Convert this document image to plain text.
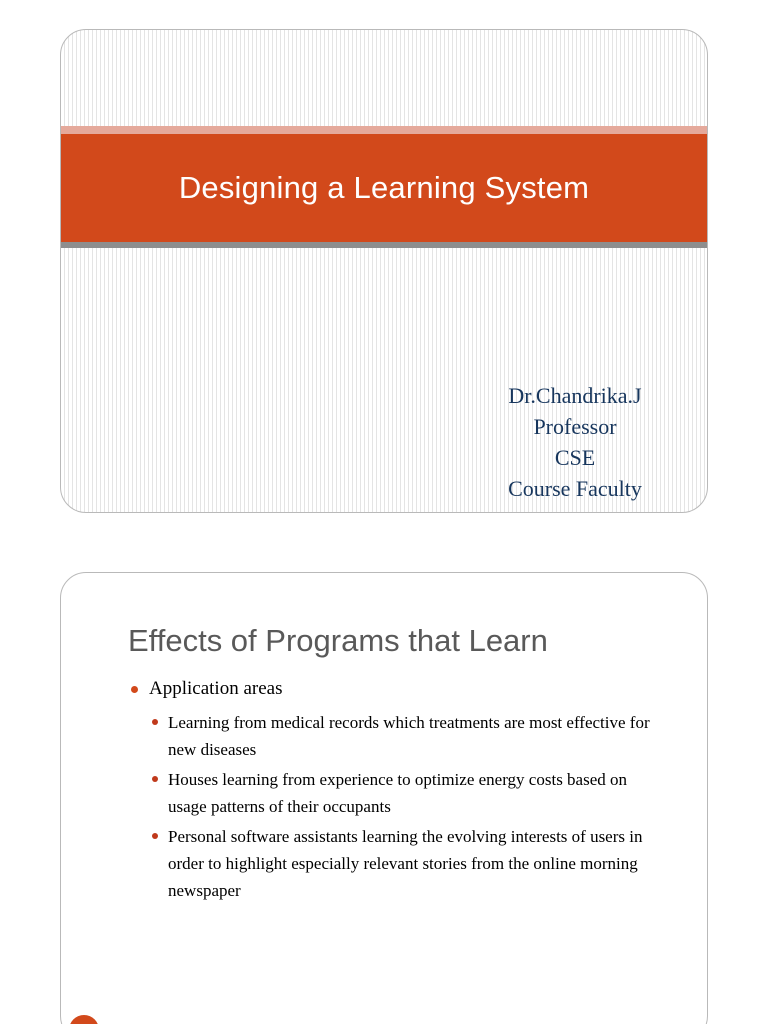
Designing a Learning System
Dr.Chandrika.J
Professor
CSE
Course Faculty
Effects of Programs that Learn
Application areas
Learning from medical records which treatments are most effective for new diseases
Houses learning from experience to optimize energy costs based on usage patterns of their occupants
Personal software assistants learning the evolving interests of users in order to highlight especially relevant stories from the online morning newspaper
